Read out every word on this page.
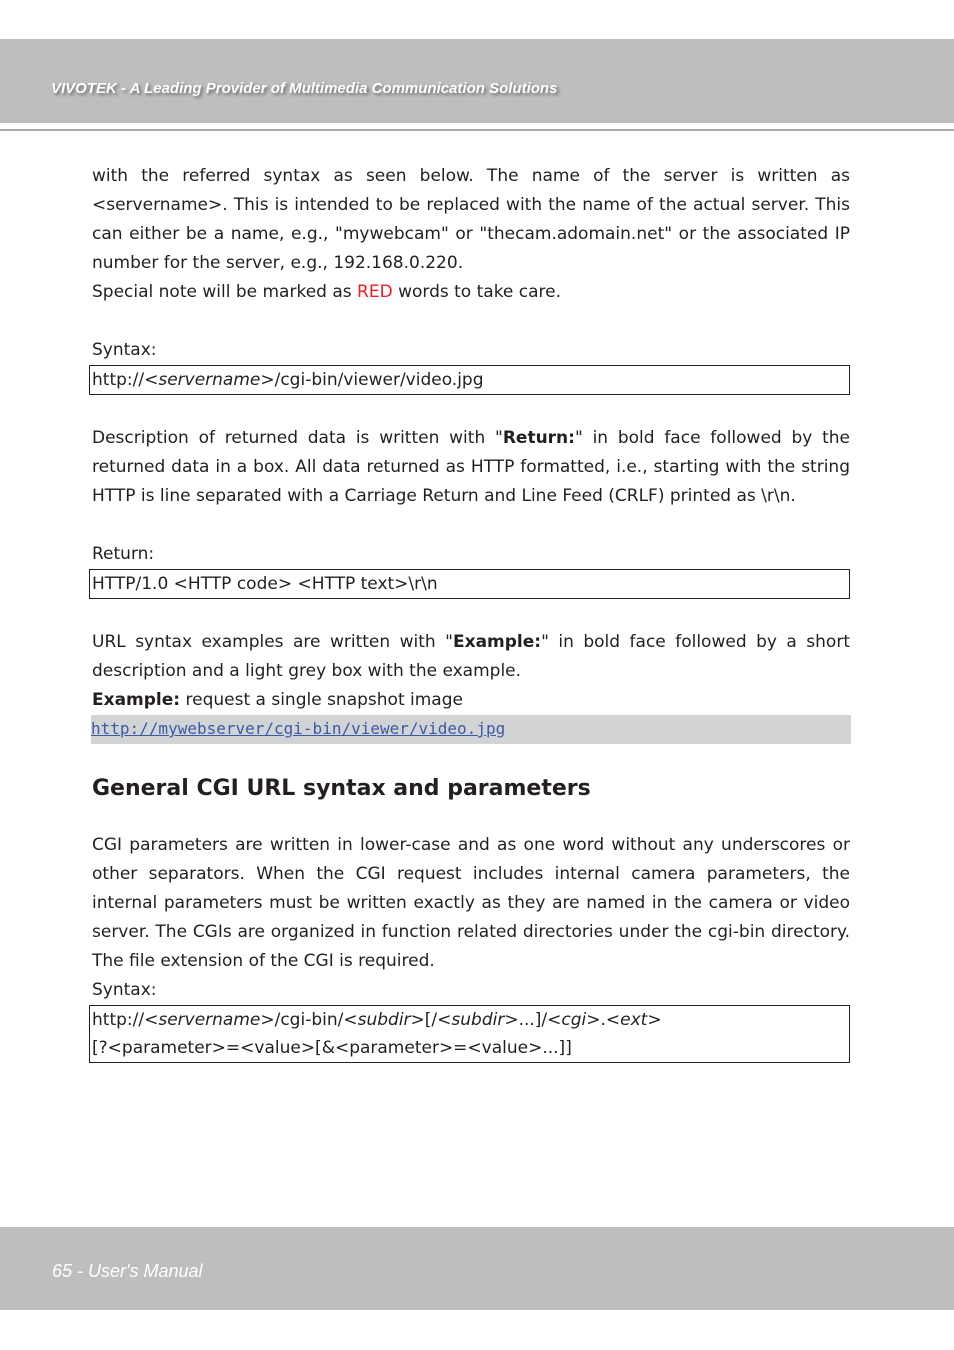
VIVOTEK - A Leading Provider of Multimedia Communication Solutions

with the referred syntax as seen below. The name of the server is written as <servername>. This is intended to be replaced with the name of the actual server. This can either be a name, e.g., "mywebcam" or "thecam.adomain.net" or the associated IP number for the server, e.g., 192.168.0.220.

Special note will be marked as RED words to take care.

Syntax:

http://<servername>/cgi-bin/viewer/video.jpg

Description of returned data is written with "Return:" in bold face followed by the returned data in a box. All data returned as HTTP formatted, i.e., starting with the string HTTP is line separated with a Carriage Return and Line Feed (CRLF) printed as \r\n.

Return:

HTTP/1.0 <HTTP code> <HTTP text>\r\n

URL syntax examples are written with "Example:" in bold face followed by a short description and a light grey box with the example.

Example: request a single snapshot image

http://mywebserver/cgi-bin/viewer/video.jpg

General CGI URL syntax and parameters

CGI parameters are written in lower-case and as one word without any underscores or other separators. When the CGI request includes internal camera parameters, the internal parameters must be written exactly as they are named in the camera or video server. The CGIs are organized in function related directories under the cgi-bin directory. The file extension of the CGI is required.

Syntax:

http://<servername>/cgi-bin/<subdir>[/<subdir>...]/<cgi>.<ext>
[?<parameter>=<value>[&<parameter>=<value>...]]
65 - User's Manual
